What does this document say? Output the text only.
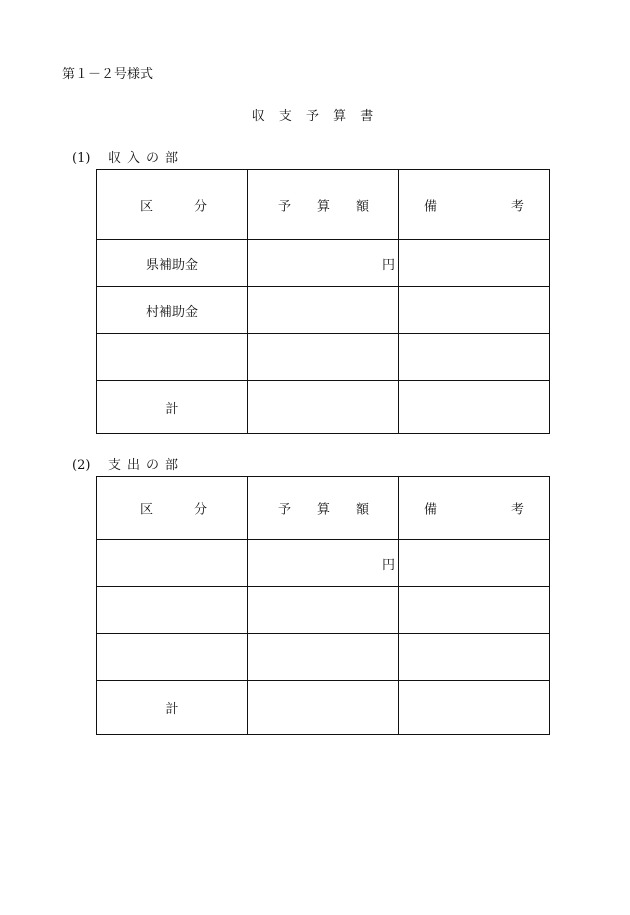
第１－２号様式
収 支 予 算 書
(1) 収入の部
区 分	予 算 額	備 考

県補助金	円	
村補助金		

計		
(2) 支出の部
区 分	予 算 額	備 考

	円	

計		
